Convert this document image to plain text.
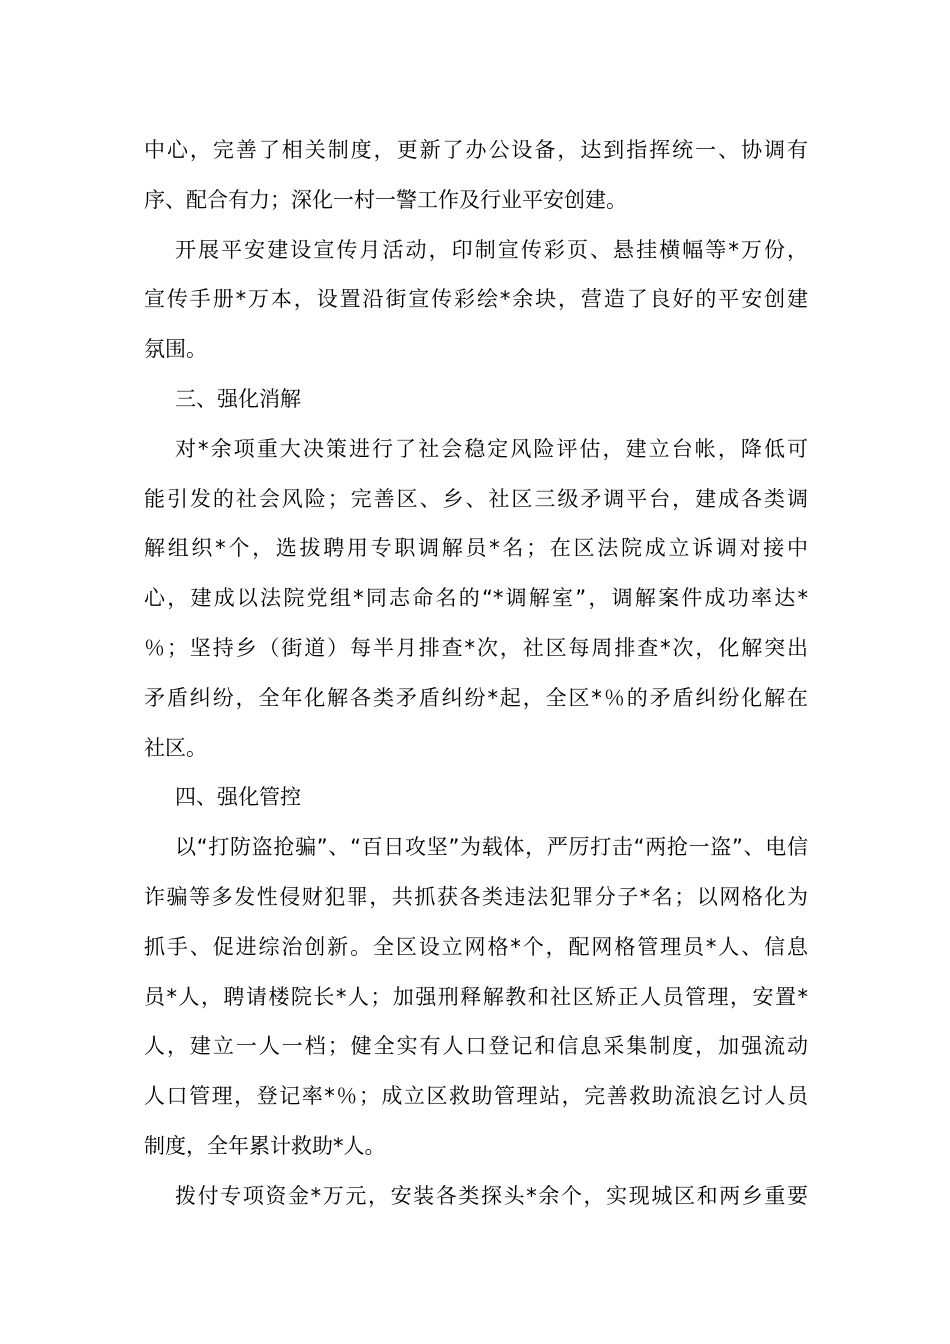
中心，完善了相关制度，更新了办公设备，达到指挥统一、协调有
序、配合有力；深化一村一警工作及行业平安创建。

开展平安建设宣传月活动，印制宣传彩页、悬挂横幅等*万份，
宣传手册*万本，设置沿街宣传彩绘*余块，营造了良好的平安创建
氛围。

三、强化消解

对*余项重大决策进行了社会稳定风险评估，建立台帐，降低可
能引发的社会风险；完善区、乡、社区三级矛调平台，建成各类调
解组织*个，选拔聘用专职调解员*名；在区法院成立诉调对接中
心，建成以法院党组*同志命名的“*调解室”，调解案件成功率达*
％；坚持乡（街道）每半月排查*次，社区每周排查*次，化解突出
矛盾纠纷，全年化解各类矛盾纠纷*起，全区*％的矛盾纠纷化解在
社区。

四、强化管控

以“打防盗抢骗”、“百日攻坚”为载体，严厉打击“两抢一盗”、电信
诈骗等多发性侵财犯罪，共抓获各类违法犯罪分子*名；以网格化为
抓手、促进综治创新。全区设立网格*个，配网格管理员*人、信息
员*人，聘请楼院长*人；加强刑释解教和社区矫正人员管理，安置*
人，建立一人一档；健全实有人口登记和信息采集制度，加强流动
人口管理，登记率*％；成立区救助管理站，完善救助流浪乞讨人员
制度，全年累计救助*人。

拨付专项资金*万元，安装各类探头*余个，实现城区和两乡重要
